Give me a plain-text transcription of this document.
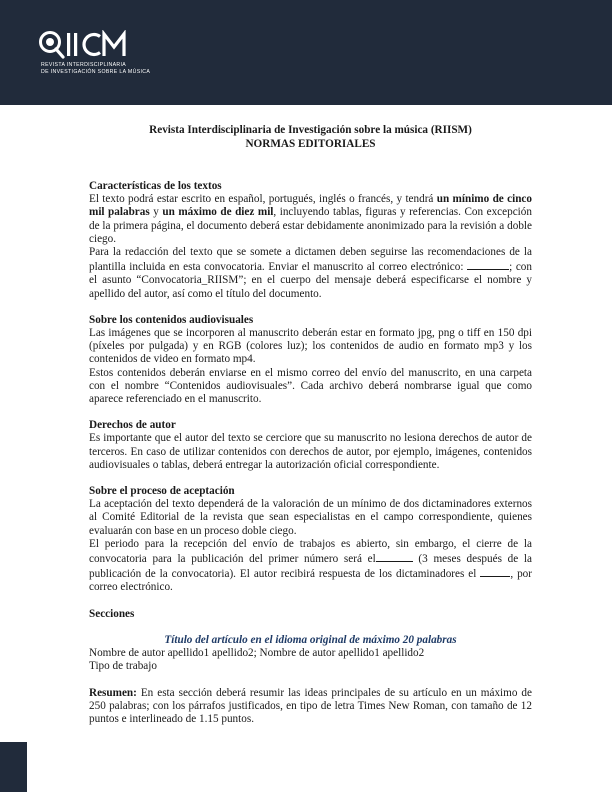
REVISTA INTERDISCIPLINARIA
DE INVESTIGACIÓN SOBRE LA MÚSICA
Revista Interdisciplinaria de Investigación sobre la música (RIISM)
NORMAS EDITORIALES

Características de los textos

El texto podrá estar escrito en español, portugués, inglés o francés, y tendrá un mínimo de cinco mil palabras y un máximo de diez mil, incluyendo tablas, figuras y referencias. Con excepción de la primera página, el documento deberá estar debidamente anonimizado para la revisión a doble ciego.

Para la redacción del texto que se somete a dictamen deben seguirse las recomendaciones de la plantilla incluida en esta convocatoria. Enviar el manuscrito al correo electrónico:	; con el asunto “Convocatoria_RIISM”; en el cuerpo del mensaje deberá especificarse el nombre y apellido del autor, así como el título del documento.

Sobre los contenidos audiovisuales

Las imágenes que se incorporen al manuscrito deberán estar en formato jpg, png o tiff en 150 dpi (píxeles por pulgada) y en RGB (colores luz); los contenidos de audio en formato mp3 y los contenidos de video en formato mp4.

Estos contenidos deberán enviarse en el mismo correo del envío del manuscrito, en una carpeta con el nombre “Contenidos audiovisuales”. Cada archivo deberá nombrarse igual que como aparece referenciado en el manuscrito.

Derechos de autor

Es importante que el autor del texto se cerciore que su manuscrito no lesiona derechos de autor de terceros. En caso de utilizar contenidos con derechos de autor, por ejemplo, imágenes, contenidos audiovisuales o tablas, deberá entregar la autorización oficial correspondiente.

Sobre el proceso de aceptación

La aceptación del texto dependerá de la valoración de un mínimo de dos dictaminadores externos al Comité Editorial de la revista que sean especialistas en el campo correspondiente, quienes evaluarán con base en un proceso doble ciego.

El periodo para la recepción del envío de trabajos es abierto, sin embargo, el cierre de la convocatoria para la publicación del primer número será el	(3 meses después de la publicación de la convocatoria). El autor recibirá respuesta de los dictaminadores el	, por correo electrónico.

Secciones

Título del artículo en el idioma original de máximo 20 palabras

Nombre de autor apellido1 apellido2; Nombre de autor apellido1 apellido2

Tipo de trabajo

Resumen: En esta sección deberá resumir las ideas principales de su artículo en un máximo de 250 palabras; con los párrafos justificados, en tipo de letra Times New Roman, con tamaño de 12 puntos e interlineado de 1.15 puntos.
